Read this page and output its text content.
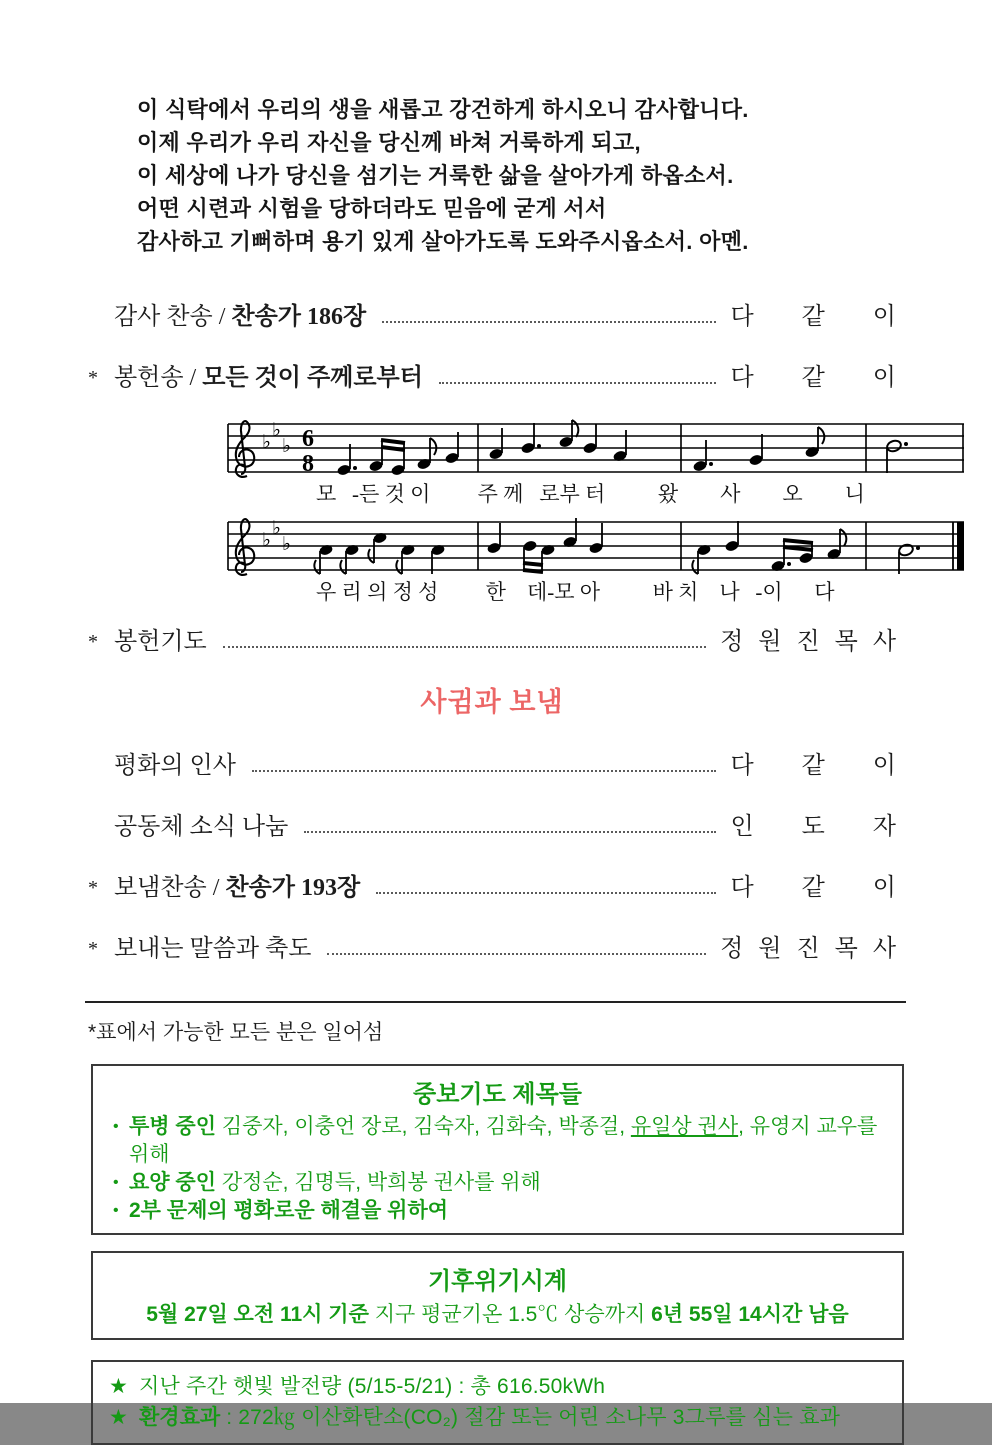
이 식탁에서 우리의 생을 새롭고 강건하게 하시오니 감사합니다.
이제 우리가 우리 자신을 당신께 바쳐 거룩하게 되고,
이 세상에 나가 당신을 섬기는 거룩한 삶을 살아가게 하옵소서.
어떤 시련과 시험을 당하더라도 믿음에 굳게 서서
감사하고 기뻐하며 용기 있게 살아가도록 도와주시옵소서. 아멘.
감사 찬송 / 찬송가 186장	다 같 이
* 봉헌송 / 모든 것이 주께로부터	다 같 이
♭
♭
♭ 6
8
모   -든 것 이         주 께   로부 터          왔        사        오        니
♭
♭
♭
우 리 의 정 성         한    데-모 아          바 치    나   -이      다
* 봉헌기도	정 원 진 목 사
사귐과 보냄
평화의 인사	다 같 이
공동체 소식 나눔	인 도 자
* 보냄찬송 / 찬송가 193장	다 같 이
* 보내는 말씀과 축도	정 원 진 목 사
*표에서 가능한 모든 분은 일어섬
중보기도 제목들
• 투병 중인 김중자, 이충언 장로, 김숙자, 김화숙, 박종걸, 유일상 권사, 유영지 교우를 위해
• 요양 중인 강정순, 김명득, 박희봉 권사를 위해
• 2부 문제의 평화로운 해결을 위하여
기후위기시계
5월 27일 오전 11시 기준 지구 평균기온 1.5℃ 상승까지 6년 55일 14시간 남음
★ 지난 주간 햇빛 발전량 (5/15-5/21) : 총 616.50kWh
★ 환경효과 : 272㎏ 이산화탄소(CO₂) 절감 또는 어린 소나무 3그루를 심는 효과
